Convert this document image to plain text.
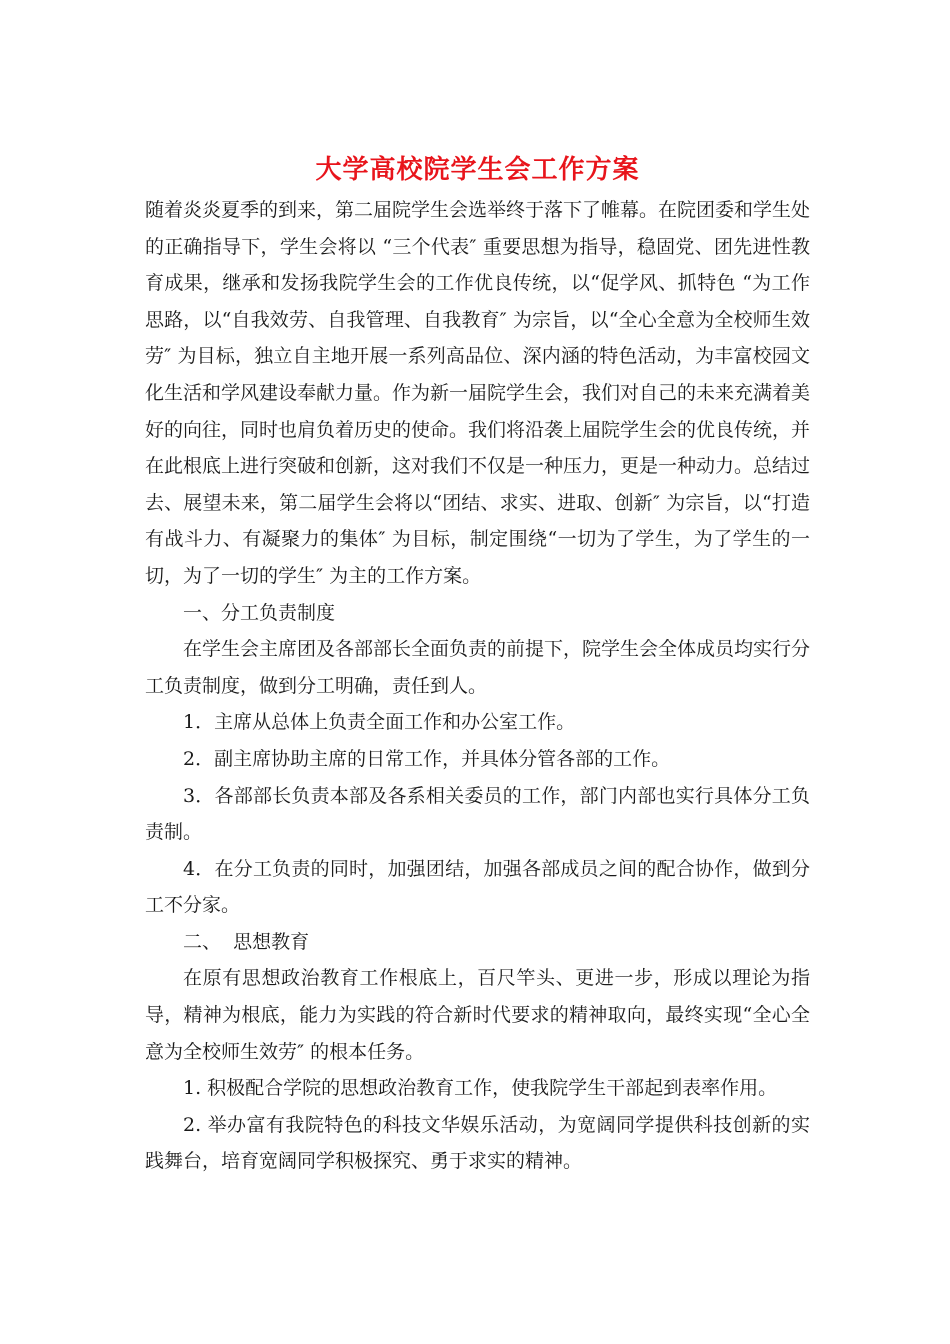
大学高校院学生会工作方案

随着炎炎夏季的到来，第二届院学生会选举终于落下了帷幕。在院团委和学生处的正确指导下，学生会将以 “三个代表″ 重要思想为指导，稳固党、团先进性教育成果，继承和发扬我院学生会的工作优良传统，以“促学风、抓特色 “为工作思路，以“自我效劳、自我管理、自我教育″ 为宗旨，以“全心全意为全校师生效劳″ 为目标，独立自主地开展一系列高品位、深内涵的特色活动，为丰富校园文化生活和学风建设奉献力量。作为新一届院学生会，我们对自己的未来充满着美好的向往，同时也肩负着历史的使命。我们将沿袭上届院学生会的优良传统，并在此根底上进行突破和创新，这对我们不仅是一种压力，更是一种动力。总结过去、展望未来，第二届学生会将以“团结、求实、进取、创新″ 为宗旨，以“打造有战斗力、有凝聚力的集体″ 为目标，制定围绕“一切为了学生，为了学生的一切，为了一切的学生″ 为主的工作方案。

一、分工负责制度

在学生会主席团及各部部长全面负责的前提下，院学生会全体成员均实行分工负责制度，做到分工明确，责任到人。

1．主席从总体上负责全面工作和办公室工作。

2．副主席协助主席的日常工作，并具体分管各部的工作。

3．各部部长负责本部及各系相关委员的工作，部门内部也实行具体分工负责制。

4．在分工负责的同时，加强团结，加强各部成员之间的配合协作，做到分工不分家。

二、  思想教育

在原有思想政治教育工作根底上，百尺竿头、更进一步，形成以理论为指导，精神为根底，能力为实践的符合新时代要求的精神取向，最终实现“全心全意为全校师生效劳″ 的根本任务。

1. 积极配合学院的思想政治教育工作，使我院学生干部起到表率作用。

2. 举办富有我院特色的科技文华娱乐活动，为宽阔同学提供科技创新的实践舞台，培育宽阔同学积极探究、勇于求实的精神。
